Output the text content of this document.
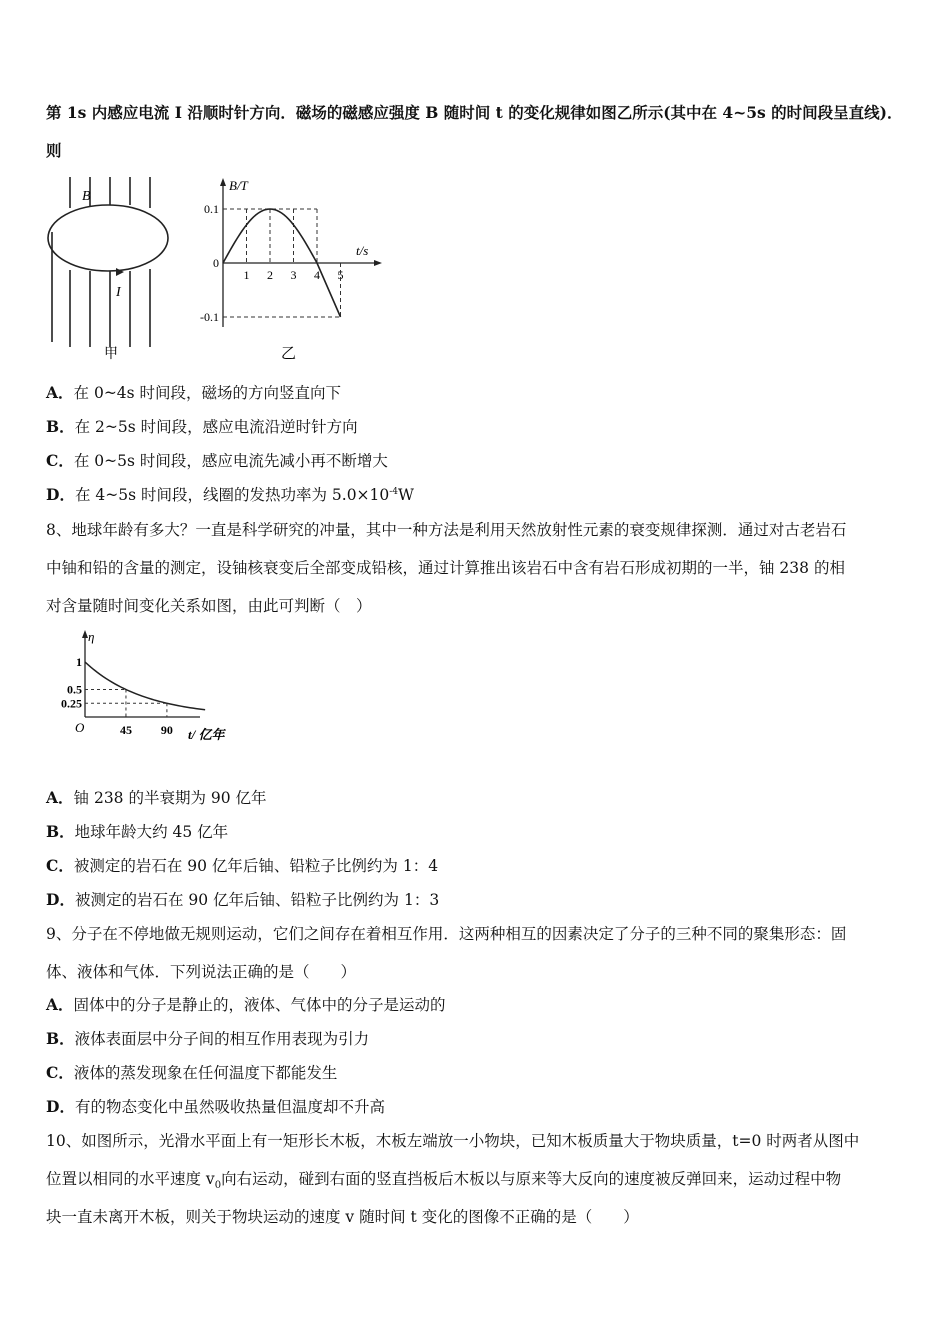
第 1s 内感应电流 I 沿顺时针方向．磁场的磁感应强度 B 随时间 t 的变化规律如图乙所示(其中在 4~5s 的时间段呈直线)．
则
B
I
甲
B/T
t/s
0.1
0
-0.1
1 2 3 4 5
乙
A．在 0~4s 时间段，磁场的方向竖直向下
B．在 2~5s 时间段，感应电流沿逆时针方向
C．在 0~5s 时间段，感应电流先减小再不断增大
D．在 4~5s 时间段，线圈的发热功率为 $5.0\times 10^{-4}W$
8、地球年龄有多大？一直是科学研究的冲量，其中一种方法是利用天然放射性元素的衰变规律探测．通过对古老岩石
中铀和铅的含量的测定，设铀核衰变后全部变成铅核，通过计算推出该岩石中含有岩石形成初期的一半，铀 238 的相
对含量随时间变化关系如图，由此可判断（　）
η
t/ 亿年
O
1
0.5
0.25
45 90
A．铀 238 的半衰期为 90 亿年
B．地球年龄大约 45 亿年
C．被测定的岩石在 90 亿年后铀、铅粒子比例约为 1：4
D．被测定的岩石在 90 亿年后铀、铅粒子比例约为 1：3
9、分子在不停地做无规则运动，它们之间存在着相互作用．这两种相互的因素决定了分子的三种不同的聚集形态：固
体、液体和气体．下列说法正确的是（　　）
A．固体中的分子是静止的，液体、气体中的分子是运动的
B．液体表面层中分子间的相互作用表现为引力
C．液体的蒸发现象在任何温度下都能发生
D．有的物态变化中虽然吸收热量但温度却不升高
10、如图所示，光滑水平面上有一矩形长木板，木板左端放一小物块，已知木板质量大于物块质量，t=0 时两者从图中
位置以相同的水平速度 $v_0$向右运动，碰到右面的竖直挡板后木板以与原来等大反向的速度被反弹回来，运动过程中物
块一直未离开木板，则关于物块运动的速度 v 随时间 t 变化的图像不正确的是（　　）
